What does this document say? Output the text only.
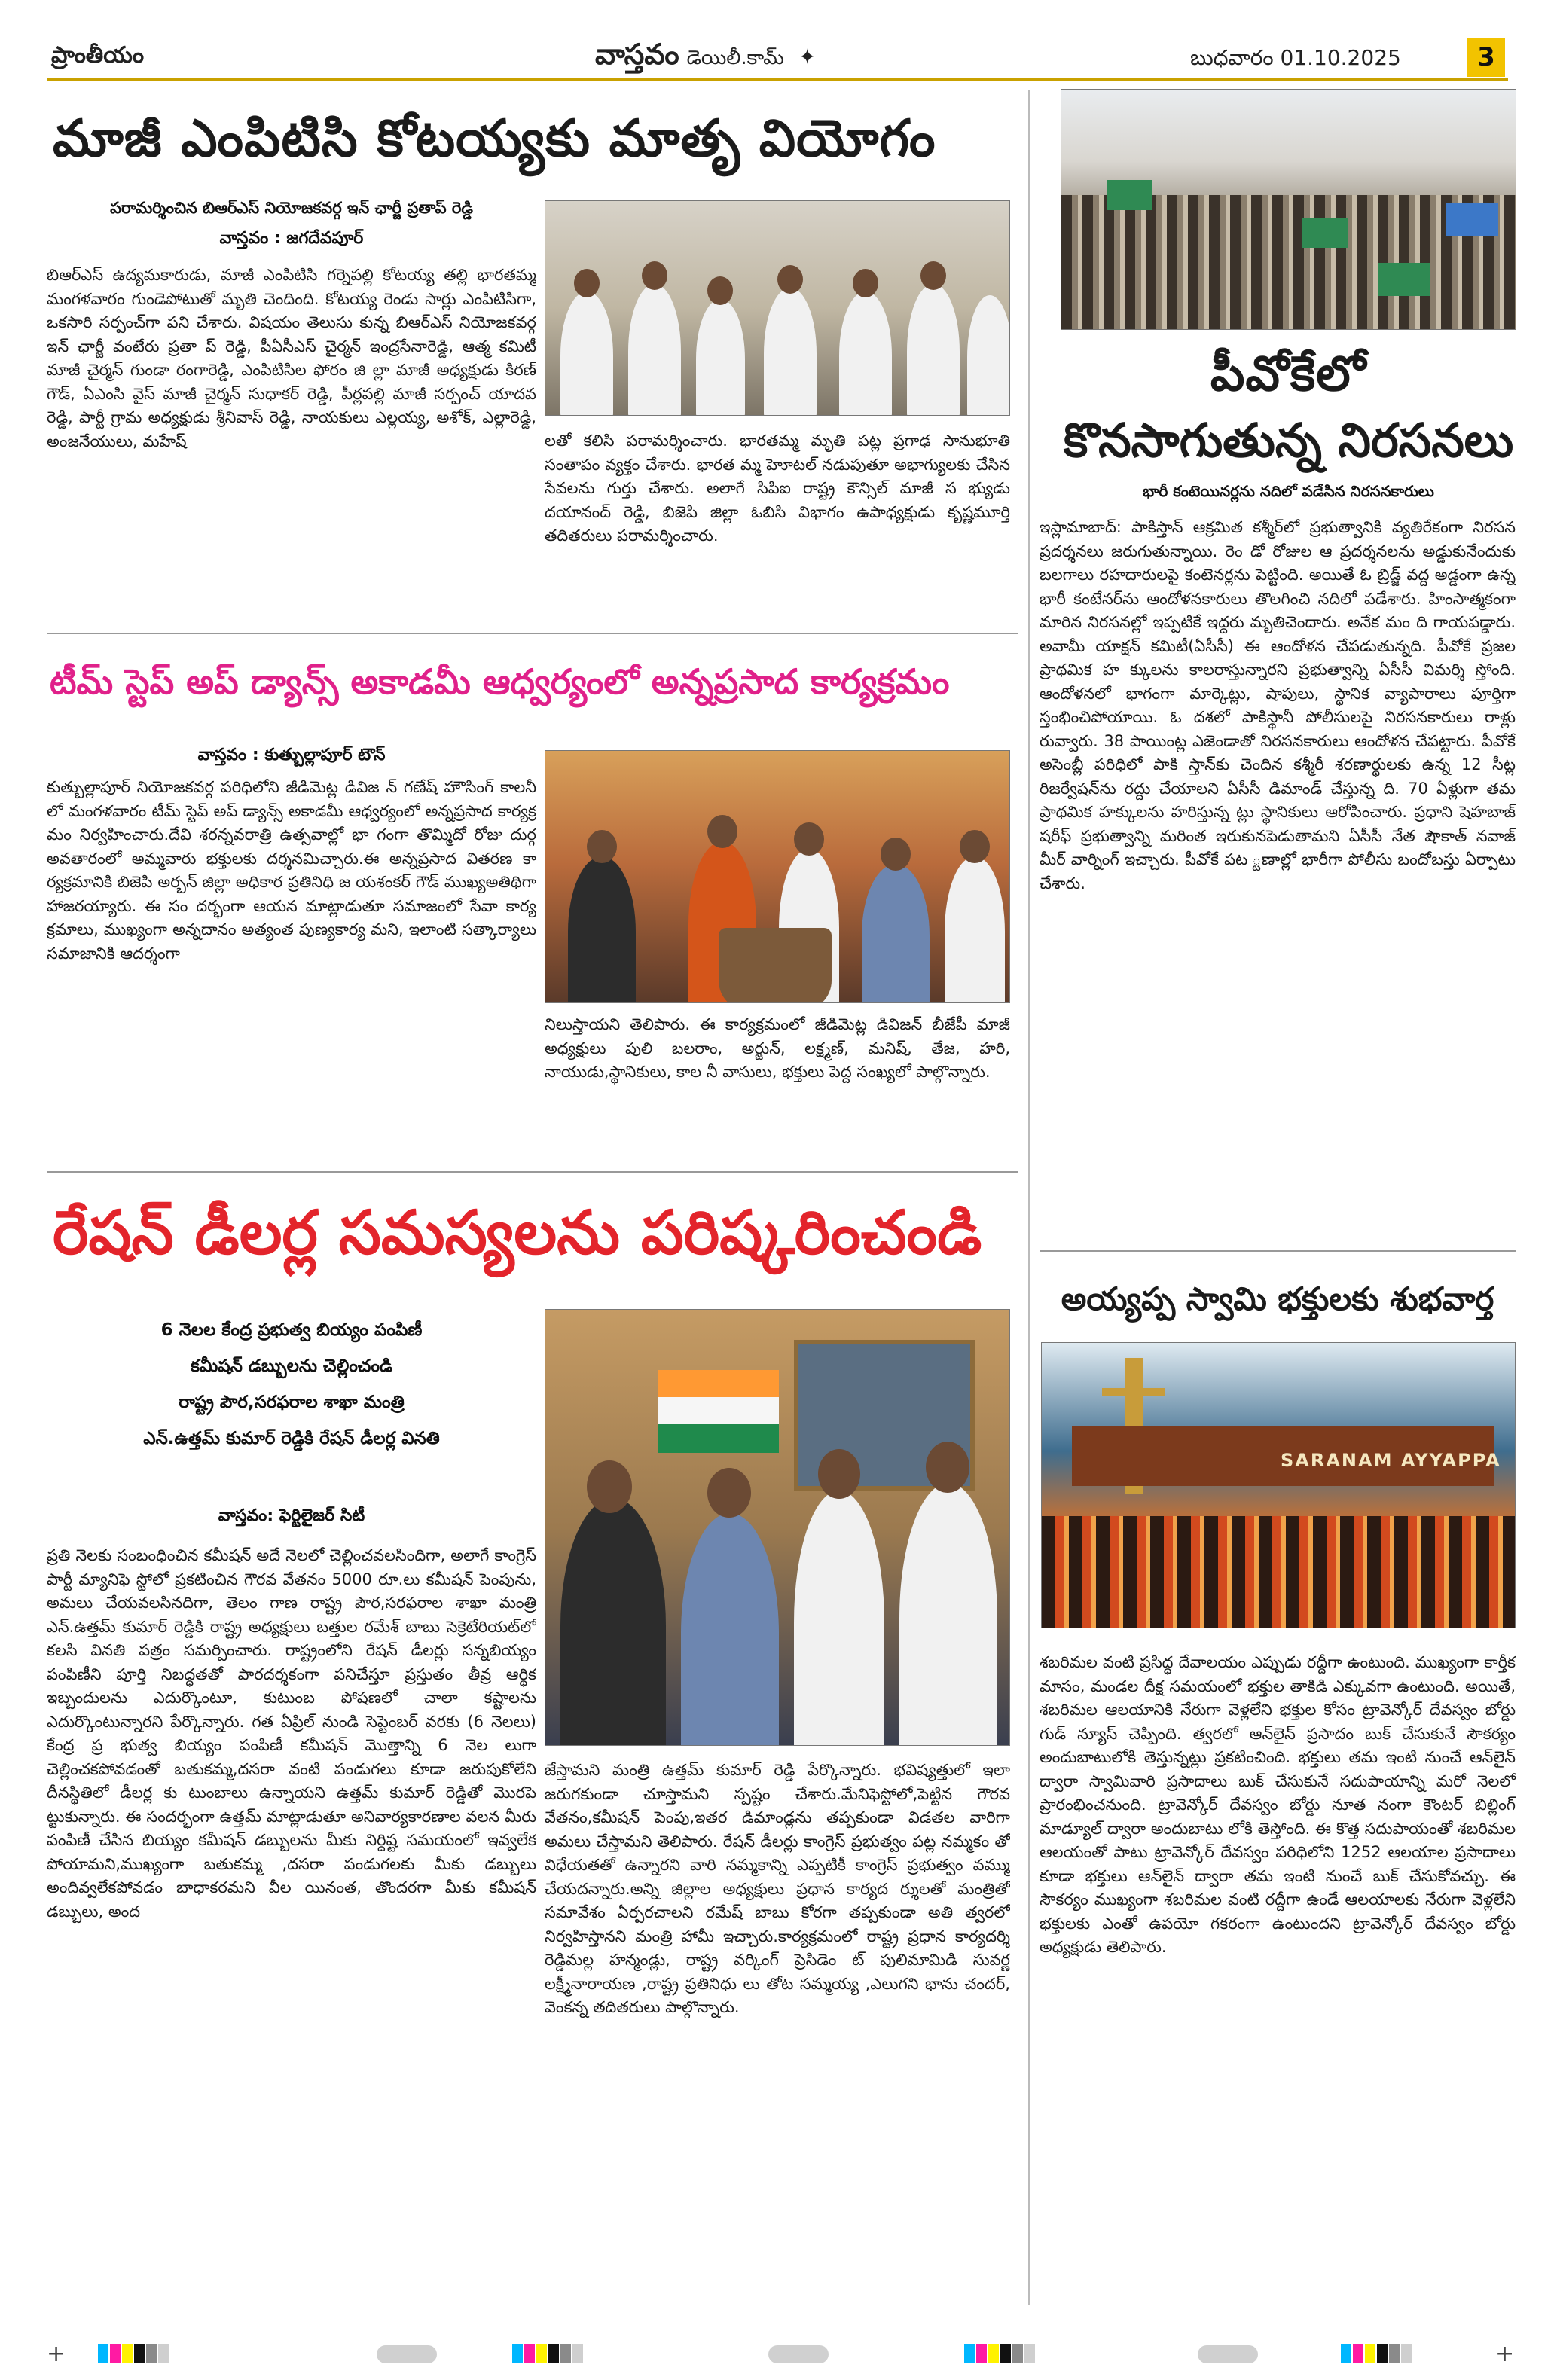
ప్రాంతీయం	వాస్తవం డెయిలీ.కామ్ ✦	బుధవారం 01.10.2025	3
మాజీ ఎంపిటిసి కోటయ్యకు మాతృ వియోగం
పరామర్శించిన బిఆర్ఎస్ నియోజకవర్గ ఇన్ ఛార్జీ ప్రతాప్ రెడ్డి
వాస్తవం : జగదేవపూర్
బిఆర్ఎస్ ఉద్యమకారుడు, మాజీ ఎంపిటిసి గర్నెపల్లి కోటయ్య తల్లి భారతమ్మ మంగళవారం గుండెపోటుతో మృతి చెందింది. కోటయ్య రెండు సార్లు ఎంపిటిసిగా, ఒకసారి సర్పంచ్‌గా పని చేశారు. విషయం తెలుసు కున్న బిఆర్ఎస్ నియోజకవర్గ ఇన్ ఛార్జీ వంటేరు ప్రతా ప్ రెడ్డి, పీఏసీఎస్ చైర్మన్ ఇంద్రసేనారెడ్డి, ఆత్మ కమిటీ మాజీ చైర్మన్ గుండా రంగారెడ్డి, ఎంపిటిసిల ఫోరం జి ల్లా మాజీ అధ్యక్షుడు కిరణ్ గౌడ్, ఏఎంసి వైస్ మాజీ చైర్మన్ సుధాకర్ రెడ్డి, పీర్లపల్లి మాజీ సర్పంచ్ యాదవ రెడ్డి, పార్టీ గ్రామ అధ్యక్షుడు శ్రీనివాస్ రెడ్డి, నాయకులు ఎల్లయ్య, అశోక్, ఎల్లారెడ్డి, అంజనేయులు, మహేష్	లతో కలిసి పరామర్శించారు. భారతమ్మ మృతి పట్ల ప్రగాఢ సానుభూతి సంతాపం వ్యక్తం చేశారు. భారత మ్మ హెూటల్ నడుపుతూ అభాగ్యులకు చేసిన సేవలను గుర్తు చేశారు. అలాగే సిపిఐ రాష్ట్ర కౌన్సిల్ మాజీ స భ్యుడు దయానంద్ రెడ్డి, బిజెపి జిల్లా ఓబిసి విభాగం ఉపాధ్యక్షుడు కృష్ణమూర్తి తదితరులు పరామర్శించారు.
టీమ్ స్టెప్ అప్ డ్యాన్స్ అకాడమీ ఆధ్వర్యంలో అన్నప్రసాద కార్యక్రమం
వాస్తవం : కుత్బుల్లాపూర్ టౌన్
కుత్బుల్లాపూర్ నియోజకవర్గ పరిధిలోని జీడిమెట్ల డివిజ న్ గణేష్ హౌసింగ్ కాలనీ లో మంగళవారం టీమ్ స్టెప్ అప్ డ్యాన్స్ అకాడమీ ఆధ్వర్యంలో అన్నప్రసాద కార్యక్ర మం నిర్వహించారు.దేవి శరన్నవరాత్రి ఉత్సవాల్లో భా గంగా తొమ్మిదో రోజు దుర్గ అవతారంలో అమ్మవారు భక్తులకు దర్శనమిచ్చారు.ఈ అన్నప్రసాద వితరణ కా ర్యక్రమానికి బిజెపి అర్బన్ జిల్లా అధికార ప్రతినిధి జ యశంకర్ గౌడ్ ముఖ్యఅతిథిగా హాజరయ్యారు. ఈ సం దర్భంగా ఆయన మాట్లాడుతూ సమాజంలో సేవా కార్య క్రమాలు, ముఖ్యంగా అన్నదానం అత్యంత పుణ్యకార్య మని, ఇలాంటి సత్కార్యాలు సమాజానికి ఆదర్శంగా
నిలుస్తాయని తెలిపారు. ఈ కార్యక్రమంలో జీడిమెట్ల డివిజన్ బీజేపీ మాజీ అధ్యక్షులు పులి బలరాం, అర్జున్, లక్ష్మణ్, మనిష్, తేజ, హరి, నాయుడు,స్థానికులు, కాల నీ వాసులు, భక్తులు పెద్ద సంఖ్యలో పాల్గొన్నారు.
రేషన్ డీలర్ల సమస్యలను పరిష్కరించండి
6 నెలల కేంద్ర ప్రభుత్వ బియ్యం పంపిణీ
కమీషన్ డబ్బులను చెల్లించండి
రాష్ట్ర పౌర,సరఫరాల శాఖా మంత్రి
ఎన్.ఉత్తమ్ కుమార్ రెడ్డికి రేషన్ డీలర్ల వినతి
వాస్తవం: ఫెర్టిలైజర్ సిటీ
ప్రతి నెలకు సంబంధించిన కమీషన్ అదే నెలలో చెల్లించవలసిందిగా, అలాగే కాంగ్రెస్ పార్టీ మ్యానిఫె స్టోలో ప్రకటించిన గౌరవ వేతనం 5000 రూ.లు కమీషన్ పెంపును, అమలు చేయవలసినదిగా, తెలం గాణ రాష్ట్ర పౌర,సరఫరాల శాఖా మంత్రి ఎన్.ఉత్తమ్ కుమార్ రెడ్డికి రాష్ట్ర అధ్యక్షులు బత్తుల రమేశ్ బాబు సెక్రెటేరియట్‌లో కలసి వినతి పత్రం సమర్పించారు. రాష్ట్రంలోని రేషన్ డీలర్లు సన్నబియ్యం పంపిణీని పూర్తి నిబద్ధతతో పారదర్శకంగా పనిచేస్తూ ప్రస్తుతం తీవ్ర ఆర్థిక ఇబ్బందులను ఎదుర్కొంటూ, కుటుంబ పోషణలో చాలా కష్టాలను ఎదుర్కొంటున్నారని పేర్కొన్నారు. గత ఏప్రిల్ నుండి సెప్టెంబర్ వరకు (6 నెలలు) కేంద్ర ప్ర భుత్వ బియ్యం పంపిణీ కమీషన్ మొత్తాన్ని 6 నెల లుగా చెల్లించకపోవడంతో బతుకమ్మ,దసరా వంటి పండుగలు కూడా జరుపుకోలేని దీనస్థితిలో డీలర్ల కు టుంబాలు ఉన్నాయని ఉత్తమ్ కుమార్ రెడ్డితో మొరపె ట్టుకున్నారు. ఈ సందర్భంగా ఉత్తమ్ మాట్లాడుతూ అనివార్యకారణాల వలన మీరు పంపిణీ చేసిన బియ్యం కమీషన్ డబ్బులను మీకు నిర్దిష్ట సమయంలో ఇవ్వలేక పోయామని,ముఖ్యంగా బతుకమ్మ ,దసరా పండుగలకు మీకు డబ్బులు అందివ్వలేకపోవడం బాధాకరమని వీల యినంత, తొందరగా మీకు కమీషన్ డబ్బులు, అంద
జేస్తామని మంత్రి ఉత్తమ్ కుమార్ రెడ్డి పేర్కొన్నారు. భవిష్యత్తులో ఇలా జరుగకుండా చూస్తామని స్పష్టం చేశారు.మేనిఫెస్టోలో,పెట్టిన గౌరవ వేతనం,కమీషన్ పెంపు,ఇతర డిమాండ్లను తప్పకుండా విడతల వారిగా అమలు చేస్తామని తెలిపారు. రేషన్ డీలర్లు కాంగ్రెస్ ప్రభుత్వం పట్ల నమ్మకం తో విధేయతతో ఉన్నారని వారి నమ్మకాన్ని ఎప్పటికీ కాంగ్రెస్ ప్రభుత్వం వమ్ము చేయదన్నారు.అన్ని జిల్లాల అధ్యక్షులు ప్రధాన కార్యద ర్శులతో మంత్రితో సమావేశం ఏర్పరచాలని రమేష్ బాబు కోరగా తప్పకుండా అతి త్వరలో నిర్వహిస్తానని మంత్రి హామీ ఇచ్చారు.కార్యక్రమంలో రాష్ట్ర ప్రధాన కార్యదర్శి రెడ్డిమల్ల హన్మండ్లు, రాష్ట్ర వర్కింగ్ ప్రెసిడెం ట్ పులిమామిడి సువర్ణ లక్ష్మీనారాయణ ,రాష్ట్ర ప్రతినిధు లు తోట సమ్మయ్య ,ఎలుగని భాను చందర్, వెంకన్న తదితరులు పాల్గొన్నారు.
పీవోకేలో
కొనసాగుతున్న నిరసనలు
భారీ కంటెయినర్లను నదిలో పడేసిన నిరసనకారులు
ఇస్లామాబాద్: పాకిస్తాన్ ఆక్రమిత కశ్మీర్‌లో ప్రభుత్వానికి వ్యతిరేకంగా నిరసన ప్రదర్శనలు జరుగుతున్నాయి. రెం డో రోజుల ఆ ప్రదర్శనలను అడ్డుకునేందుకు బలగాలు రహదారులపై కంటెనర్లను పెట్టింది. అయితే ఓ బ్రిడ్జ్ వద్ద అడ్డంగా ఉన్న భారీ కంటేనర్‌ను ఆందోళనకారులు తొలగించి నదిలో పడేశారు. హింసాత్మకంగా మారిన నిరసనల్లో ఇప్పటికే ఇద్దరు మృతిచెందారు. అనేక మం ది గాయపడ్డారు. అవామీ యాక్షన్ కమిటీ(ఏసీసీ) ఈ ఆందోళన చేపడుతున్నది. పీవోకే ప్రజల ప్రాథమిక హ క్కులను కాలరాస్తున్నారని ప్రభుత్వాన్ని ఏసీసీ విమర్శి స్తోంది. ఆందోళనలో భాగంగా మార్కెట్లు, షాపులు, స్థానిక వ్యాపారాలు పూర్తిగా స్తంభించిపోయాయి. ఓ దశలో పాకిస్థానీ పోలీసులపై నిరసనకారులు రాళ్లు రువ్వారు. 38 పాయింట్ల ఎజెండాతో నిరసనకారులు ఆందోళన చేపట్టారు. పీవోకే అసెంబ్లీ పరిధిలో పాకి స్తాన్‌కు చెందిన కశ్మీరీ శరణార్థులకు ఉన్న 12 సీట్ల రిజర్వేషన్‌ను రద్దు చేయాలని ఏసీసీ డిమాండ్ చేస్తున్న ది. 70 ఏళ్లుగా తమ ప్రాథమిక హక్కులను హరిస్తున్న ట్లు స్థానికులు ఆరోపించారు. ప్రధాని షెహబాజ్ షరీఫ్ ప్రభుత్వాన్ని మరింత ఇరుకునపెడుతామని ఏసీసీ నేత షౌకాత్ నవాజ్ మీర్ వార్నింగ్ ఇచ్చారు. పీవోకే పట ్టణాల్లో భారీగా పోలీసు బందోబస్తు ఏర్పాటు చేశారు.
అయ్యప్ప స్వామి భక్తులకు శుభవార్త
SARANAM AYYAPPA
శబరిమల వంటి ప్రసిద్ధ దేవాలయం ఎప్పుడు రద్దీగా ఉంటుంది. ముఖ్యంగా కార్తీక మాసం, మండల దీక్ష సమయంలో భక్తుల తాకిడి ఎక్కువగా ఉంటుంది. అయితే, శబరిమల ఆలయానికి నేరుగా వెళ్లలేని భక్తుల కోసం ట్రావెన్కోర్ దేవస్వం బోర్డు గుడ్ న్యూస్ చెప్పింది. త్వరలో ఆన్‌లైన్ ప్రసాదం బుక్ చేసుకునే సౌకర్యం అందుబాటులోకి తెస్తున్నట్లు ప్రకటించింది. భక్తులు తమ ఇంటి నుంచే ఆన్‌లైన్ ద్వారా స్వామివారి ప్రసాదాలు బుక్ చేసుకునే సదుపాయాన్ని మరో నెలలో ప్రారంభించనుంది. ట్రావెన్కోర్ దేవస్వం బోర్డు నూత నంగా కౌంటర్ బిల్లింగ్ మాడ్యూల్ ద్వారా అందుబాటు లోకి తెస్తోంది. ఈ కొత్త సదుపాయంతో శబరిమల ఆలయంతో పాటు ట్రావెన్కోర్ దేవస్వం పరిధిలోని 1252 ఆలయాల ప్రసాదాలు కూడా భక్తులు ఆన్‌లైన్ ద్వారా తమ ఇంటి నుంచే బుక్ చేసుకోవచ్చు. ఈ సౌకర్యం ముఖ్యంగా శబరిమల వంటి రద్దీగా ఉండే ఆలయాలకు నేరుగా వెళ్లలేని భక్తులకు ఎంతో ఉపయో గకరంగా ఉంటుందని ట్రావెన్కోర్ దేవస్వం బోర్డు అధ్యక్షుడు తెలిపారు.
+	+
